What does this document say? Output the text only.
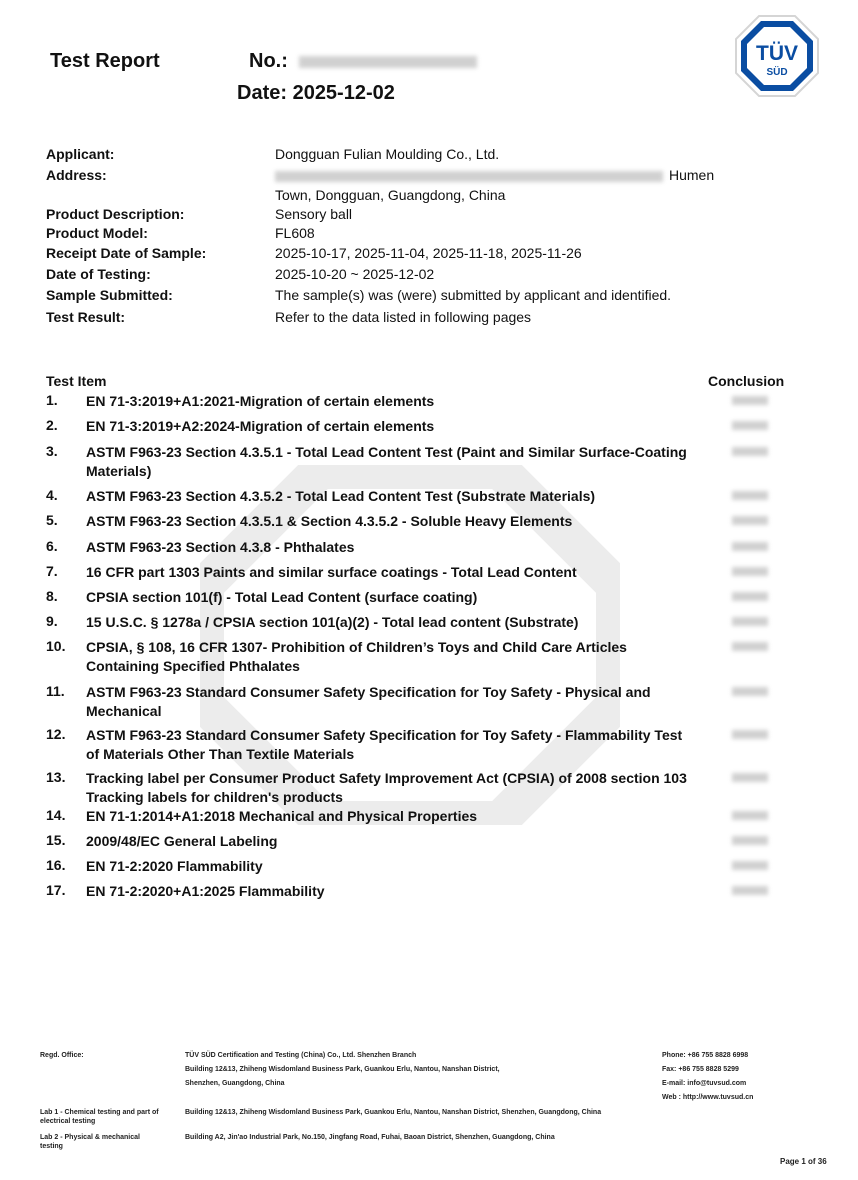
Test Report	No.:
Date: 2025-12-02
TÜV
SÜD
Applicant:	Dongguan Fulian Moulding Co., Ltd.
Address:	Humen
Town, Dongguan, Guangdong, China
Product Description:	Sensory ball
Product Model:	FL608
Receipt Date of Sample:	2025-10-17, 2025-11-04, 2025-11-18, 2025-11-26
Date of Testing:	2025-10-20 ~ 2025-12-02
Sample Submitted:	The sample(s) was (were) submitted by applicant and identified.
Test Result:	Refer to the data listed in following pages
Test Item	Conclusion
1. EN 71-3:2019+A1:2021-Migration of certain elements
2. EN 71-3:2019+A2:2024-Migration of certain elements
3. ASTM F963-23 Section 4.3.5.1 - Total Lead Content Test (Paint and Similar Surface-Coating Materials)
4. ASTM F963-23 Section 4.3.5.2 - Total Lead Content Test (Substrate Materials)
5. ASTM F963-23 Section 4.3.5.1 & Section 4.3.5.2 - Soluble Heavy Elements
6. ASTM F963-23 Section 4.3.8 - Phthalates
7. 16 CFR part 1303 Paints and similar surface coatings - Total Lead Content
8. CPSIA section 101(f) - Total Lead Content (surface coating)
9. 15 U.S.C. § 1278a / CPSIA section 101(a)(2) - Total lead content (Substrate)
10. CPSIA, § 108, 16 CFR 1307- Prohibition of Children’s Toys and Child Care Articles Containing Specified Phthalates
11. ASTM F963-23 Standard Consumer Safety Specification for Toy Safety - Physical and Mechanical
12. ASTM F963-23 Standard Consumer Safety Specification for Toy Safety - Flammability Test of Materials Other Than Textile Materials
13. Tracking label per Consumer Product Safety Improvement Act (CPSIA) of 2008 section 103 Tracking labels for children's products
14. EN 71-1:2014+A1:2018 Mechanical and Physical Properties
15. 2009/48/EC General Labeling
16. EN 71-2:2020 Flammability
17. EN 71-2:2020+A1:2025 Flammability
Regd. Office:	TÜV SÜD Certification and Testing (China) Co., Ltd. Shenzhen Branch
Building 12&13, Zhiheng Wisdomland Business Park, Guankou Erlu, Nantou, Nanshan District,
Shenzhen, Guangdong, China
Phone: +86 755 8828 6998
Fax: +86 755 8828 5299
E-mail: info@tuvsud.com
Web : http://www.tuvsud.cn
Lab 1 - Chemical testing and part of
electrical testing
Building 12&13, Zhiheng Wisdomland Business Park, Guankou Erlu, Nantou, Nanshan District, Shenzhen, Guangdong, China
Lab 2 - Physical & mechanical
testing
Building A2, Jin'ao Industrial Park, No.150, Jingfang Road, Fuhai, Baoan District, Shenzhen, Guangdong, China
Page 1 of 36
